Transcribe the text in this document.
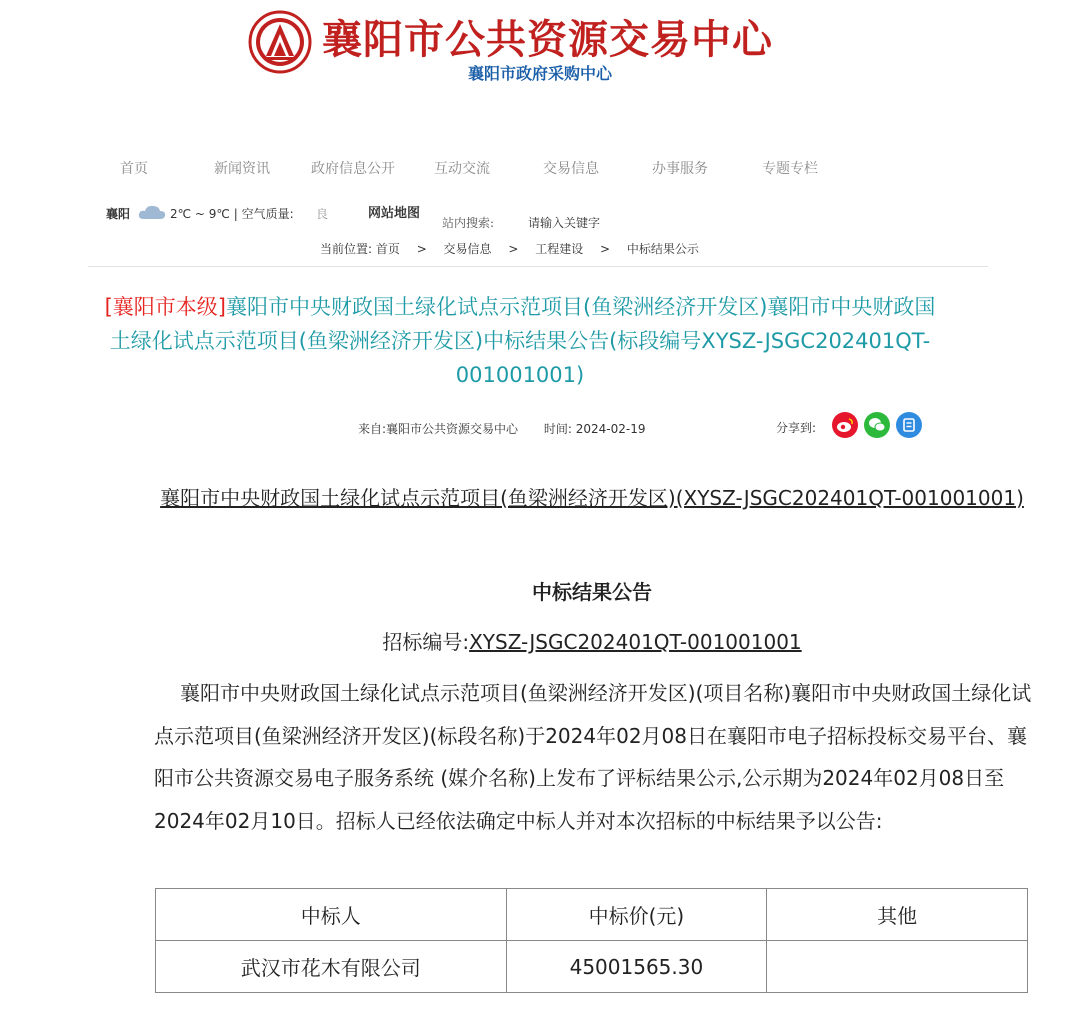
襄阳市公共资源交易中心
襄阳市政府采购中心
首页	新闻资讯	政府信息公开	互动交流	交易信息	办事服务	专题专栏
襄阳	2℃ ~ 9℃ | 空气质量: 良	网站地图
站内搜索:
请输入关键字
当前位置: 首页 > 交易信息 > 工程建设 > 中标结果公示
[襄阳市本级]襄阳市中央财政国土绿化试点示范项目(鱼梁洲经济开发区)襄阳市中央财政国土绿化试点示范项目(鱼梁洲经济开发区)中标结果公告(标段编号XYSZ-JSGC202401QT-001001001)
来自:襄阳市公共资源交易中心 时间: 2024-02-19	分享到:
襄阳市中央财政国土绿化试点示范项目(鱼梁洲经济开发区)(XYSZ-JSGC202401QT-001001001)
中标结果公告
招标编号:XYSZ-JSGC202401QT-001001001
襄阳市中央财政国土绿化试点示范项目(鱼梁洲经济开发区)(项目名称)襄阳市中央财政国土绿化试点示范项目(鱼梁洲经济开发区)(标段名称)于2024年02月08日在襄阳市电子招标投标交易平台、襄阳市公共资源交易电子服务系统 (媒介名称)上发布了评标结果公示,公示期为2024年02月08日至2024年02月10日。招标人已经依法确定中标人并对本次招标的中标结果予以公告:
中标人	中标价(元)	其他
武汉市花木有限公司	45001565.30	
